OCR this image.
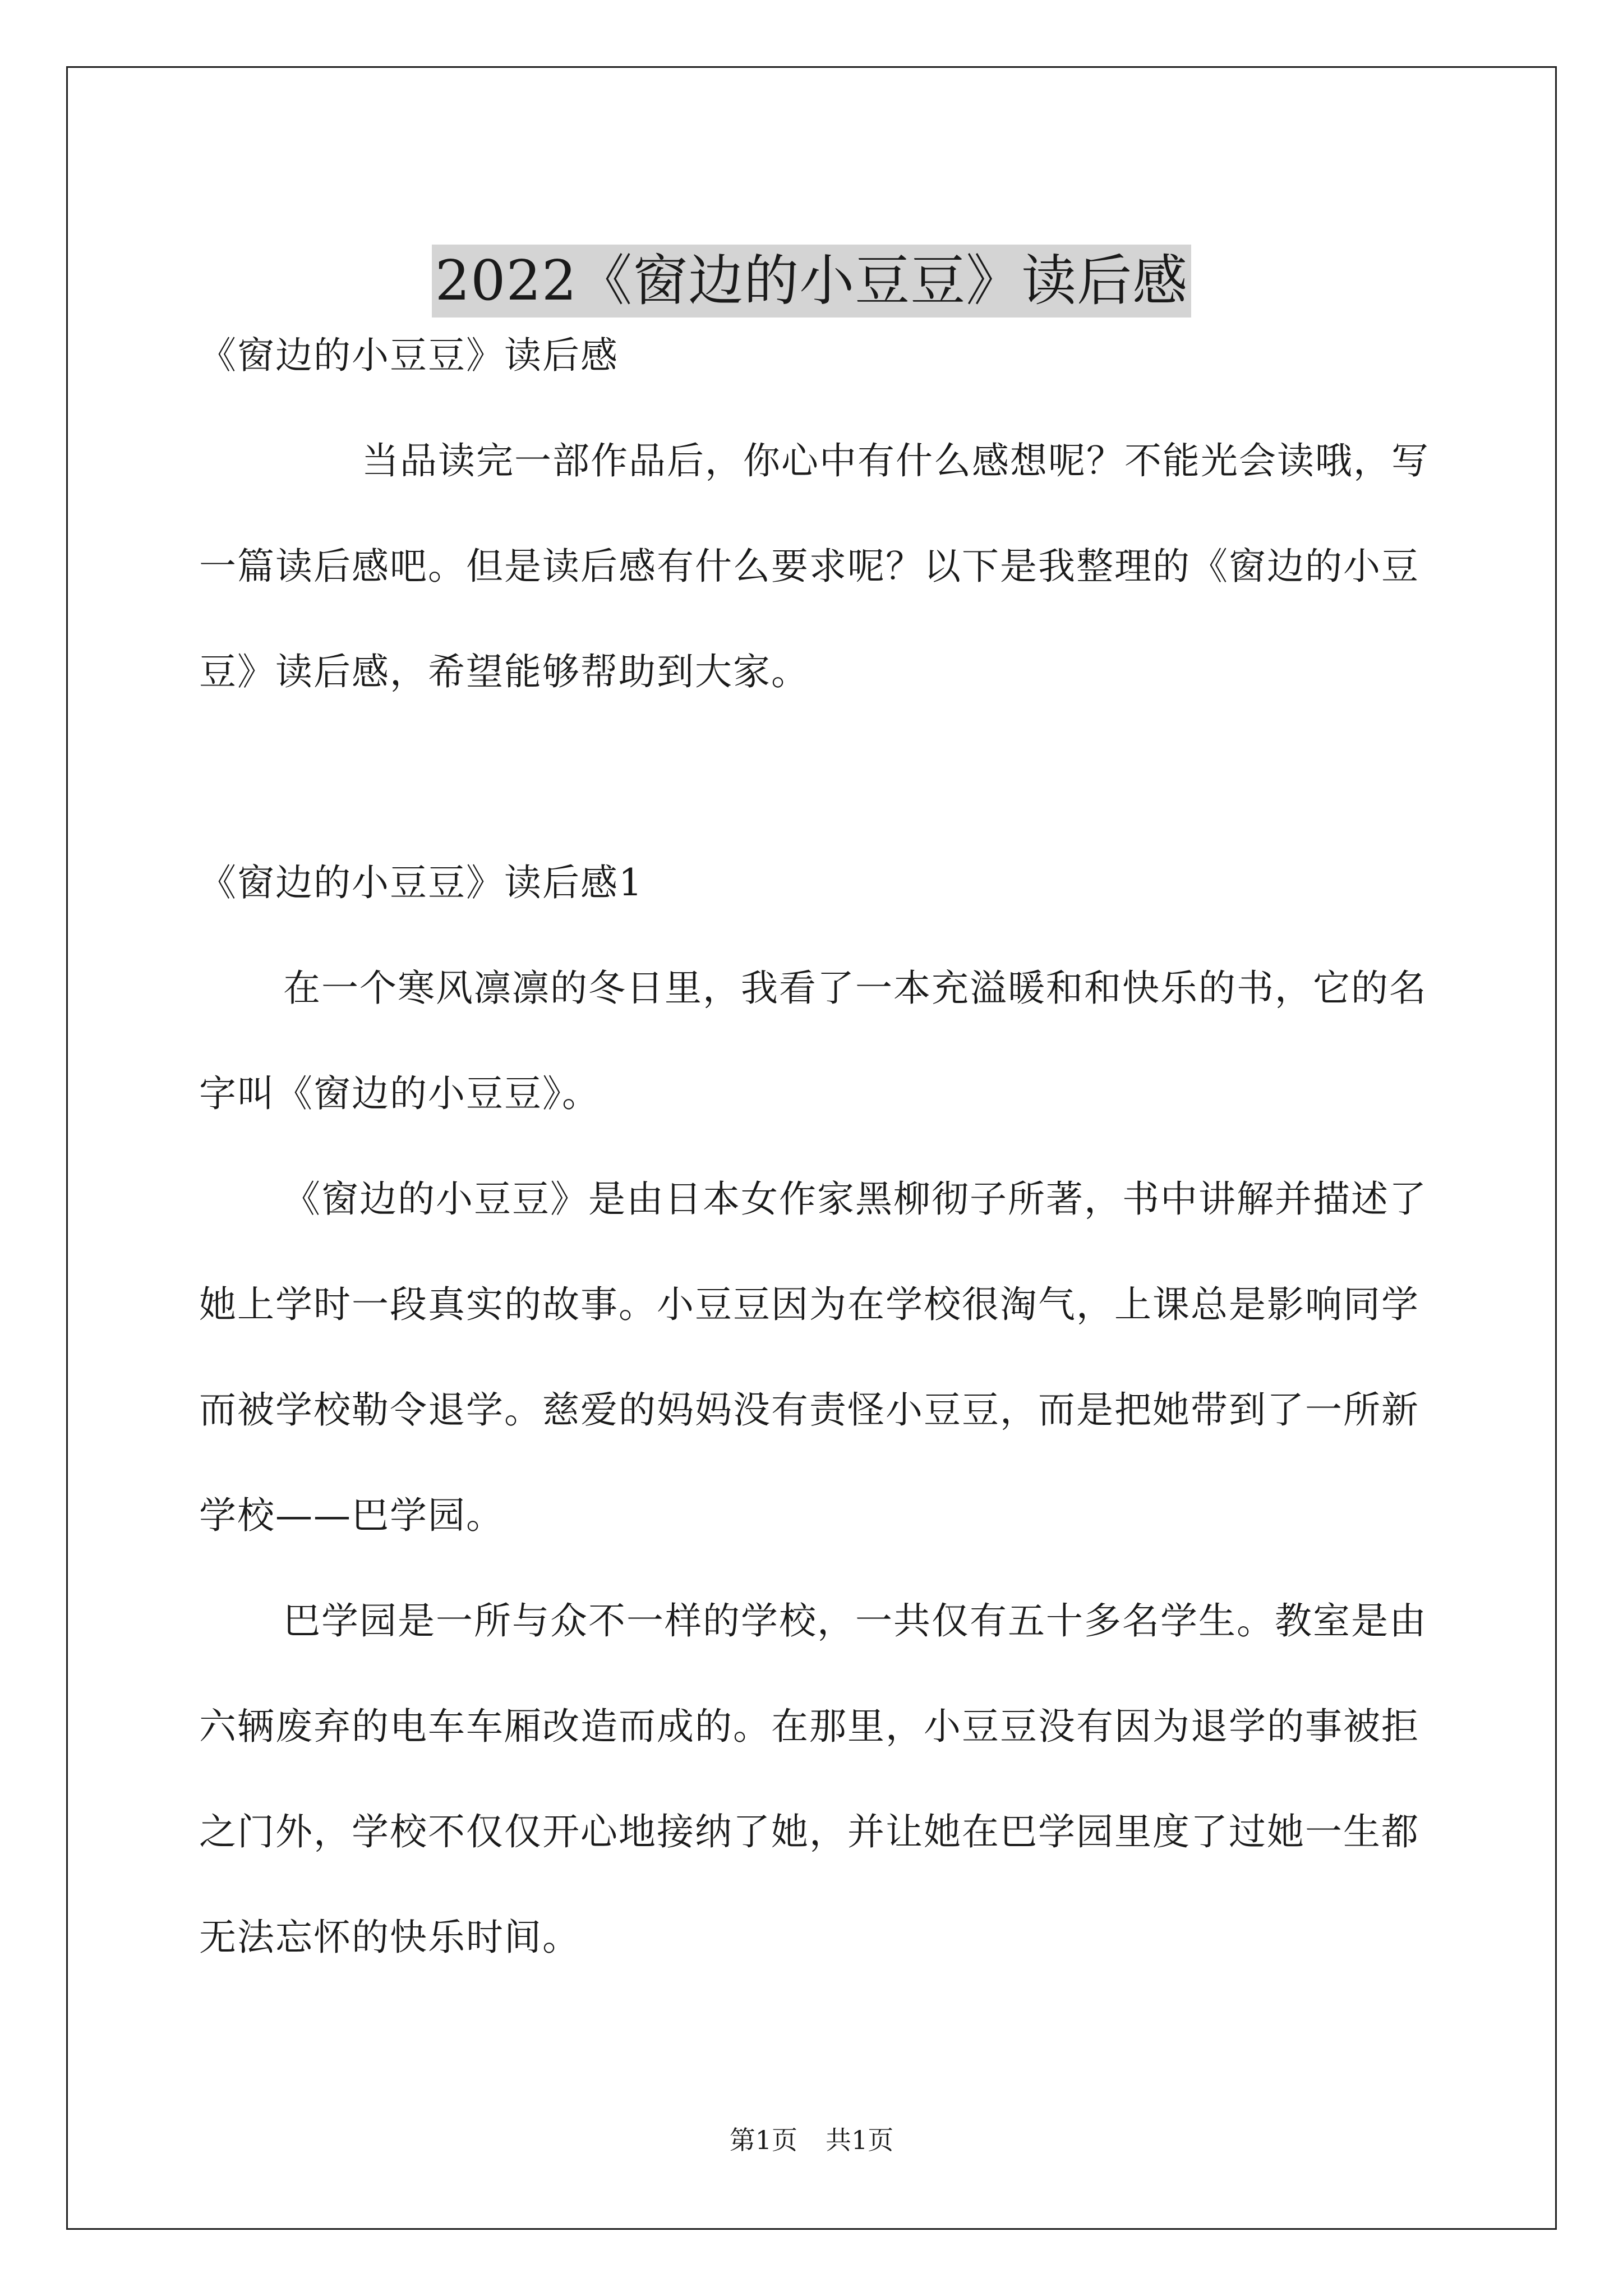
2022《窗边的小豆豆》读后感

《窗边的小豆豆》读后感

当品读完一部作品后，你心中有什么感想呢？不能光会读哦，写一篇读后感吧。但是读后感有什么要求呢？以下是我整理的《窗边的小豆豆》读后感，希望能够帮助到大家。

《窗边的小豆豆》读后感1

在一个寒风凛凛的冬日里，我看了一本充溢暖和和快乐的书，它的名字叫《窗边的小豆豆》。

《窗边的小豆豆》是由日本女作家黑柳彻子所著，书中讲解并描述了她上学时一段真实的故事。小豆豆因为在学校很淘气，上课总是影响同学而被学校勒令退学。慈爱的妈妈没有责怪小豆豆，而是把她带到了一所新学校——巴学园。

巴学园是一所与众不一样的学校，一共仅有五十多名学生。教室是由六辆废弃的电车车厢改造而成的。在那里，小豆豆没有因为退学的事被拒之门外，学校不仅仅开心地接纳了她，并让她在巴学园里度了过她一生都无法忘怀的快乐时间。

第1页 共1页
